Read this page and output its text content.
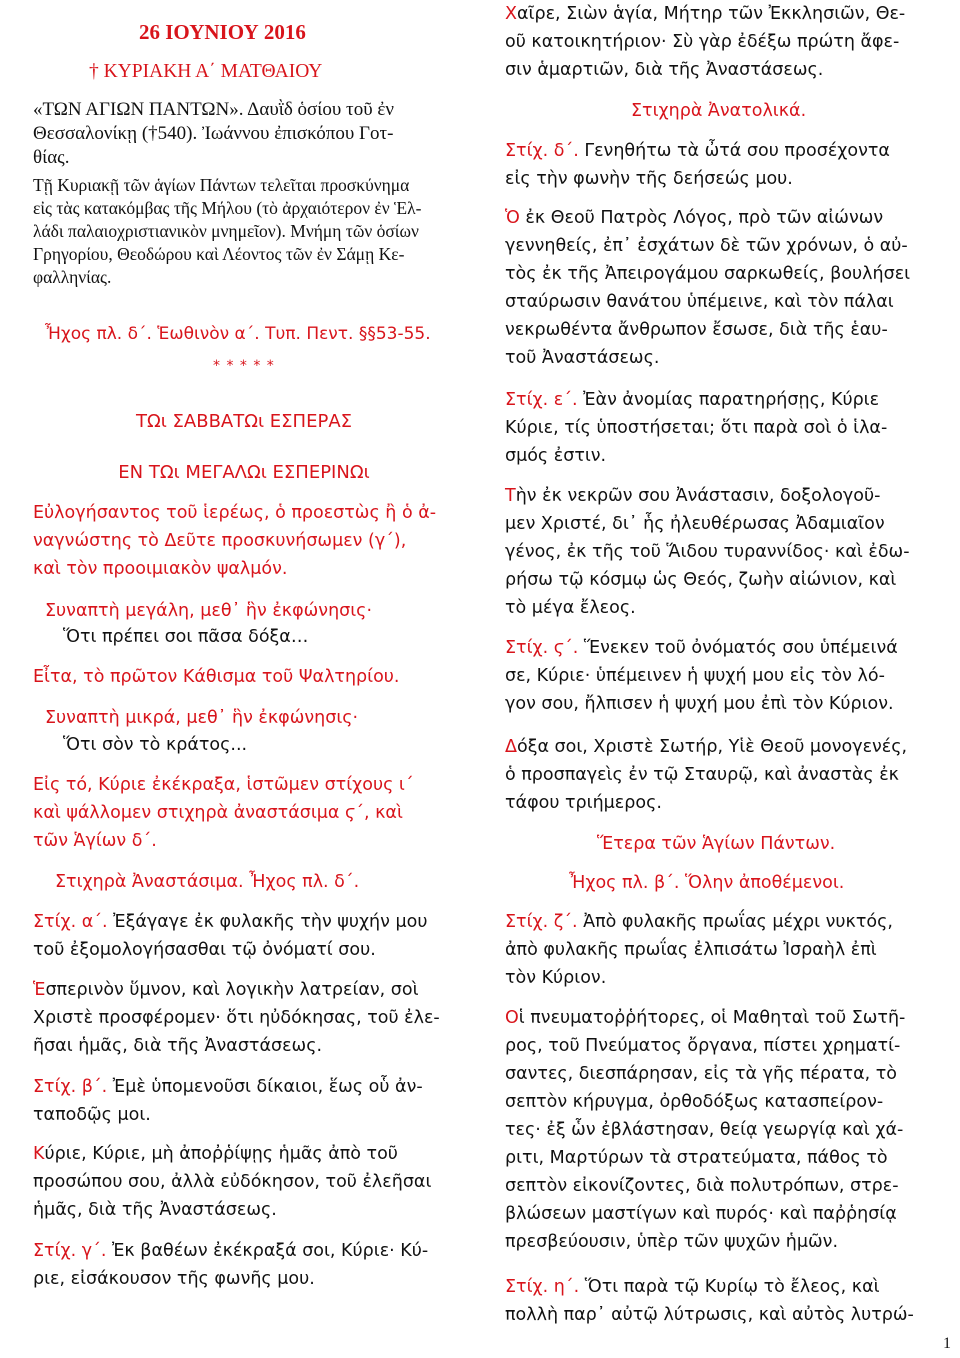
26 ΙΟΥΝΙΟΥ 2016

† ΚΥΡΙΑΚΗ Α΄ ΜΑΤΘΑΙΟΥ

«ΤΩΝ ΑΓΙΩΝ ΠΑΝΤΩΝ». Δαυῒδ ὁσίου τοῦ ἐν

Θεσσαλονίκῃ (†540). Ἰωάννου ἐπισκόπου Γοτ-

θίας.

Τῇ Κυριακῇ τῶν ἁγίων Πάντων τελεῖται προσκύνημα

εἰς τὰς κατακόμβας τῆς Μήλου (τὸ ἀρχαιότερον ἐν Ἑλ-

λάδι παλαιοχριστιανικὸν μνημεῖον). Μνήμη τῶν ὁσίων

Γρηγορίου, Θεοδώρου καὶ Λέοντος τῶν ἐν Σάμῃ Κε-

φαλληνίας.

Ἦχος πλ. δ΄. Ἑωθινὸν α΄. Τυπ. Πεντ. §§53-55.

* * * * *

ΤΩι ΣΑΒΒΑΤΩι ΕΣΠΕΡΑΣ

ΕΝ ΤΩι ΜΕΓΑΛΩι ΕΣΠΕΡΙΝΩι

Εὐλογήσαντος τοῦ ἱερέως, ὁ προεστὼς ἢ ὁ ἀ-

ναγνώστης τὸ Δεῦτε προσκυνήσωμεν (γ΄),

καὶ τὸν προοιμιακὸν ψαλμόν.

Συναπτὴ μεγάλη, μεθ᾽ ἣν ἐκφώνησις·

Ὅτι πρέπει σοι πᾶσα δόξα…

Εἶτα, τὸ πρῶτον Κάθισμα τοῦ Ψαλτηρίου.

Συναπτὴ μικρά, μεθ᾽ ἣν ἐκφώνησις·

Ὅτι σὸν τὸ κράτος...

Εἰς τό, Κύριε ἐκέκραξα, ἱστῶμεν στίχους ι΄

καὶ ψάλλομεν στιχηρὰ ἀναστάσιμα ϛ΄, καὶ

τῶν Ἁγίων δ΄.

Στιχηρὰ Ἀναστάσιμα. Ἦχος πλ. δ΄.

Στίχ. α΄. Ἐξάγαγε ἐκ φυλακῆς τὴν ψυχήν μου

τοῦ ἐξομολογήσασθαι τῷ ὀνόματί σου.

Ἑσπερινὸν ὕμνον, καὶ λογικὴν λατρείαν, σοὶ

Χριστὲ προσφέρομεν· ὅτι ηὐδόκησας, τοῦ ἐλε-

ῆσαι ἡμᾶς, διὰ τῆς Ἀναστάσεως.

Στίχ. β΄. Ἐμὲ ὑπομενοῦσι δίκαιοι, ἕως οὗ ἀν-

ταποδῷς μοι.

Κύριε, Κύριε, μὴ ἀποῤῥίψῃς ἡμᾶς ἀπὸ τοῦ

προσώπου σου, ἀλλὰ εὐδόκησον, τοῦ ἐλεῆσαι

ἡμᾶς, διὰ τῆς Ἀναστάσεως.

Στίχ. γ΄. Ἐκ βαθέων ἐκέκραξά σοι, Κύριε· Κύ-

ριε, εἰσάκουσον τῆς φωνῆς μου.

Χαῖρε, Σιὼν ἁγία, Μήτηρ τῶν Ἐκκλησιῶν, Θε-

οῦ κατοικητήριον· Σὺ γὰρ ἐδέξω πρώτη ἄφε-

σιν ἁμαρτιῶν, διὰ τῆς Ἀναστάσεως.

Στιχηρὰ Ἀνατολικά.

Στίχ. δ΄. Γενηθήτω τὰ ὦτά σου προσέχοντα

εἰς τὴν φωνὴν τῆς δεήσεώς μου.

Ὁ ἐκ Θεοῦ Πατρὸς Λόγος, πρὸ τῶν αἰώνων

γεννηθείς, ἐπ᾽ ἐσχάτων δὲ τῶν χρόνων, ὁ αὐ-

τὸς ἐκ τῆς Ἀπειρογάμου σαρκωθείς, βουλήσει

σταύρωσιν θανάτου ὑπέμεινε, καὶ τὸν πάλαι

νεκρωθέντα ἄνθρωπον ἔσωσε, διὰ τῆς ἑαυ-

τοῦ Ἀναστάσεως.

Στίχ. ε΄. Ἐὰν ἀνομίας παρατηρήσῃς, Κύριε

Κύριε, τίς ὑποστήσεται; ὅτι παρὰ σοὶ ὁ ἱλα-

σμός ἐστιν.

Τὴν ἐκ νεκρῶν σου Ἀνάστασιν, δοξολογοῦ-

μεν Χριστέ, δι᾽ ἧς ἠλευθέρωσας Ἀδαμιαῖον

γένος, ἐκ τῆς τοῦ Ἅιδου τυραννίδος· καὶ ἐδω-

ρήσω τῷ κόσμῳ ὡς Θεός, ζωὴν αἰώνιον, καὶ

τὸ μέγα ἔλεος.

Στίχ. ϛ΄. Ἕνεκεν τοῦ ὀνόματός σου ὑπέμεινά

σε, Κύριε· ὑπέμεινεν ἡ ψυχή μου εἰς τὸν λό-

γον σου, ἤλπισεν ἡ ψυχή μου ἐπὶ τὸν Κύριον.

Δόξα σοι, Χριστὲ Σωτήρ, Υἱὲ Θεοῦ μονογενές,

ὁ προσπαγεὶς ἐν τῷ Σταυρῷ, καὶ ἀναστὰς ἐκ

τάφου τριήμερος.

Ἕτερα τῶν Ἁγίων Πάντων.

Ἦχος πλ. β΄. Ὅλην ἀποθέμενοι.

Στίχ. ζ΄. Ἀπὸ φυλακῆς πρωΐας μέχρι νυκτός,

ἀπὸ φυλακῆς πρωΐας ἐλπισάτω Ἰσραὴλ ἐπὶ

τὸν Κύριον.

Οἱ πνευματοῤῥήτορες, οἱ Μαθηταὶ τοῦ Σωτῆ-

ρος, τοῦ Πνεύματος ὄργανα, πίστει χρηματί-

σαντες, διεσπάρησαν, εἰς τὰ γῆς πέρατα, τὸ

σεπτὸν κήρυγμα, ὀρθοδόξως κατασπείρον-

τες· ἐξ ὧν ἐβλάστησαν, θείᾳ γεωργίᾳ καὶ χά-

ριτι, Μαρτύρων τὰ στρατεύματα, πάθος τὸ

σεπτὸν εἰκονίζοντες, διὰ πολυτρόπων, στρε-

βλώσεων μαστίγων καὶ πυρός· καὶ παῤῥησίᾳ

πρεσβεύουσιν, ὑπὲρ τῶν ψυχῶν ἡμῶν.

Στίχ. η΄. Ὅτι παρὰ τῷ Κυρίῳ τὸ ἔλεος, καὶ

πολλὴ παρ᾽ αὐτῷ λύτρωσις, καὶ αὐτὸς λυτρώ-

1
